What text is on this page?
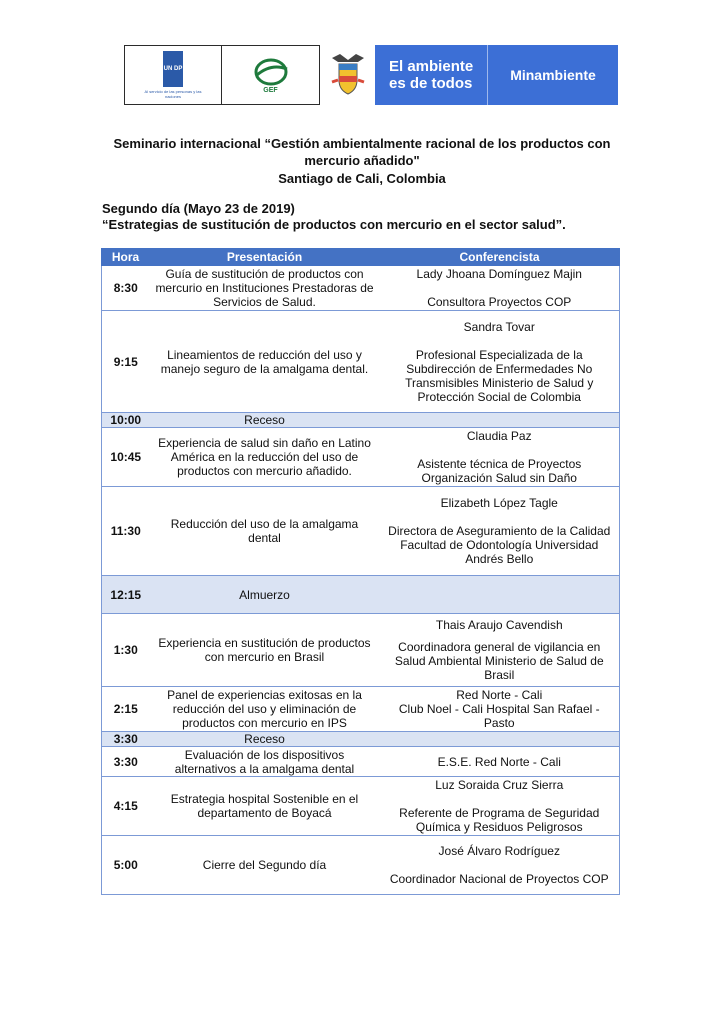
UN DP
Al servicio de las personas y las naciones
GEF
El ambiente
es de todos	Minambiente
Seminario internacional “Gestión ambientalmente racional de los productos con
mercurio añadido"
Santiago de Cali, Colombia
Segundo día (Mayo 23 de 2019)
“Estrategias de sustitución de productos con mercurio en el sector salud”.
Hora	Presentación	Conferencista
8:30	Guía de sustitución de productos con mercurio en Instituciones Prestadoras de Servicios de Salud.	Lady Jhoana Domínguez Majin
Consultora Proyectos COP

9:15	Lineamientos de reducción del uso y manejo seguro de la amalgama dental.	Sandra Tovar
Profesional Especializada de la Subdirección de Enfermedades No Transmisibles Ministerio de Salud y Protección Social de Colombia

10:00	Receso	
10:45	Experiencia de salud sin daño en Latino América en la reducción del uso de productos con mercurio añadido.	Claudia Paz
Asistente técnica de Proyectos Organización Salud sin Daño

11:30	Reducción del uso de la amalgama dental	Elizabeth López Tagle
Directora de Aseguramiento de la Calidad Facultad de Odontología Universidad Andrés Bello

12:15	Almuerzo	
1:30	Experiencia en sustitución de productos con mercurio en Brasil	Thais Araujo Cavendish
Coordinadora general de vigilancia en Salud Ambiental Ministerio de Salud de Brasil

2:15	Panel de experiencias exitosas en la reducción del uso y eliminación de productos con mercurio en IPS	Red Norte - Cali
Club Noel - Cali Hospital San Rafael - Pasto

3:30	Receso	
3:30	Evaluación de los dispositivos alternativos a la amalgama dental	E.S.E. Red Norte - Cali
4:15	Estrategia hospital Sostenible en el departamento de Boyacá	Luz Soraida Cruz Sierra
Referente de Programa de Seguridad Química y Residuos Peligrosos

5:00	Cierre del Segundo día	José Álvaro Rodríguez
Coordinador Nacional de Proyectos COP
